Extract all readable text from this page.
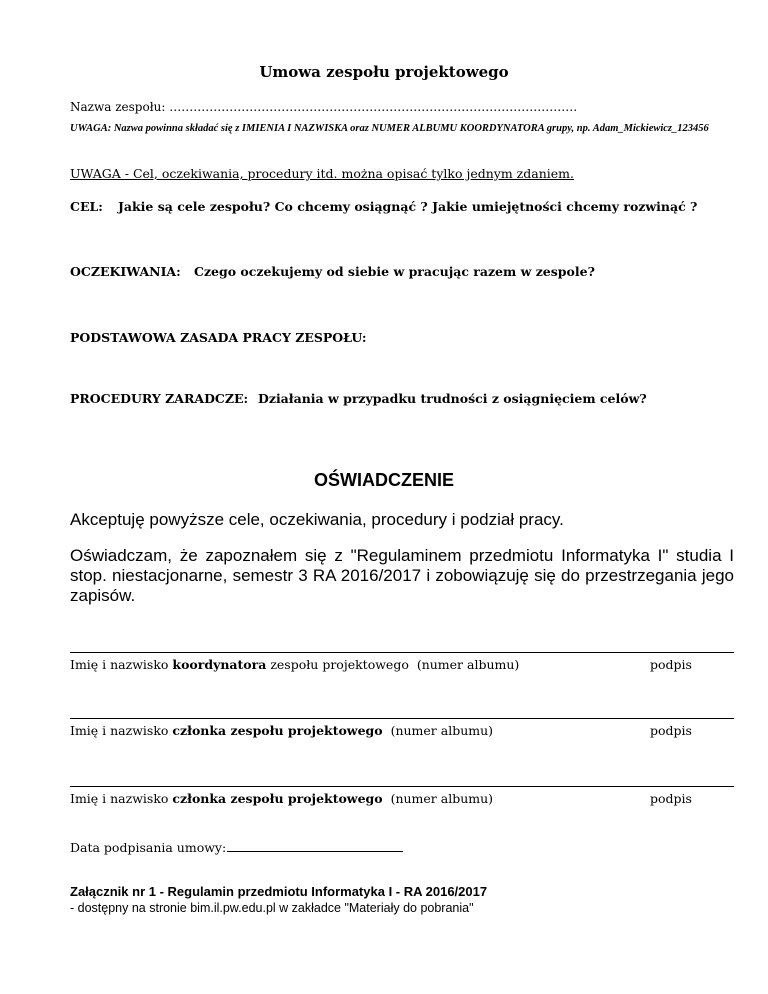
Umowa zespołu projektowego
Nazwa zespołu: …………………………………………………………………………………………
UWAGA: Nazwa powinna składać się z IMIENIA I NAZWISKA oraz NUMER ALBUMU KOORDYNATORA grupy, np. Adam_Mickiewicz_123456
UWAGA - Cel, oczekiwania, procedury itd. można opisać tylko jednym zdaniem.
CEL: Jakie są cele zespołu? Co chcemy osiągnąć ? Jakie umiejętności chcemy rozwinąć ?
OCZEKIWANIA: Czego oczekujemy od siebie w pracując razem w zespole?
PODSTAWOWA ZASADA PRACY ZESPOŁU:
PROCEDURY ZARADCZE: Działania w przypadku trudności z osiągnięciem celów?
OŚWIADCZENIE
Akceptuję powyższe cele, oczekiwania, procedury i podział pracy.
Oświadczam, że zapoznałem się z "Regulaminem przedmiotu Informatyka I" studia I stop. niestacjonarne, semestr 3 RA 2016/2017 i zobowiązuję się do przestrzegania jego zapisów.
Imię i nazwisko koordynatora zespołu projektowego (numer albumu)	podpis
Imię i nazwisko członka zespołu projektowego (numer albumu)	podpis
Imię i nazwisko członka zespołu projektowego (numer albumu)	podpis
Data podpisania umowy:
Załącznik nr 1 - Regulamin przedmiotu Informatyka I - RA 2016/2017
- dostępny na stronie bim.il.pw.edu.pl w zakładce "Materiały do pobrania"
